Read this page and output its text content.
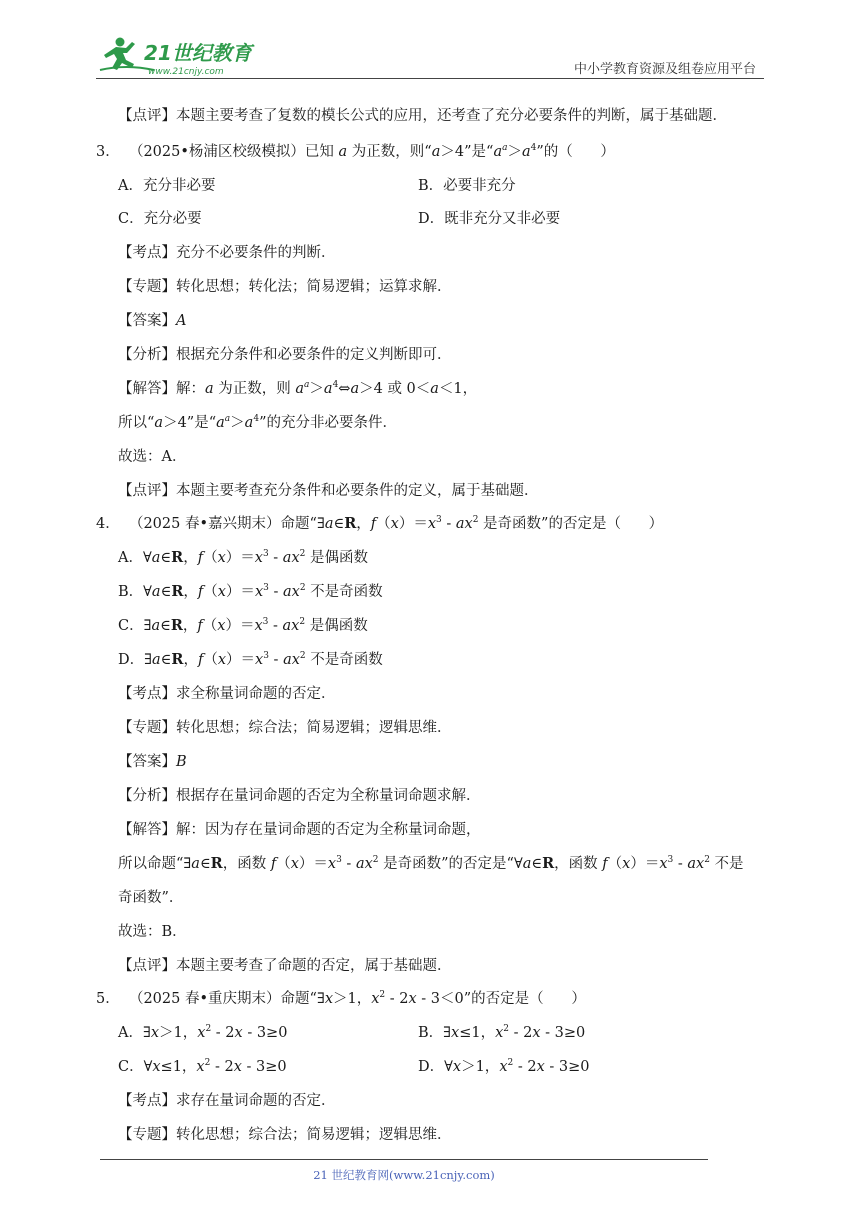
21世纪教育
www.21cnjy.com	中小学教育资源及组卷应用平台
【点评】本题主要考查了复数的模长公式的应用，还考查了充分必要条件的判断，属于基础题．
3． （2025•杨浦区校级模拟）已知 a 为正数，则“a＞4”是“$a^a>a^4$”的（      ）
A．充分非必要	B．必要非充分
C．充分必要	D．既非充分又非必要
【考点】充分不必要条件的判断．
【专题】转化思想；转化法；简易逻辑；运算求解．
【答案】A
【分析】根据充分条件和必要条件的定义判断即可．
【解答】解：a 为正数，则 $a^a>a^4\Leftrightarrow a>4$ 或 0＜a＜1，
所以“a＞4”是“$a^a>a^4$”的充分非必要条件．
故选：A．
【点评】本题主要考查充分条件和必要条件的定义，属于基础题．
4． （2025 春•嘉兴期末）命题“∃a∈R，$f(x)=x^3 - ax^2$ 是奇函数”的否定是（      ）
A．∀a∈R，$f(x)=x^3 - ax^2$ 是偶函数
B．∀a∈R，$f(x)=x^3 - ax^2$ 不是奇函数
C．∃a∈R，$f(x)=x^3 - ax^2$ 是偶函数
D．∃a∈R，$f(x)=x^3 - ax^2$ 不是奇函数
【考点】求全称量词命题的否定．
【专题】转化思想；综合法；简易逻辑；逻辑思维．
【答案】B
【分析】根据存在量词命题的否定为全称量词命题求解．
【解答】解：因为存在量词命题的否定为全称量词命题，
所以命题“∃a∈R，函数 $f(x)=x^3 - ax^2$ 是奇函数”的否定是“∀a∈R，函数 $f(x)=x^3 - ax^2$ 不是
奇函数”．
故选：B．
【点评】本题主要考查了命题的否定，属于基础题．
5． （2025 春•重庆期末）命题“∃x＞1，$x^2 - 2x - 3<0$”的否定是（      ）
A．∃x＞1，$x^2 - 2x - 3\ge 0$	B．∃x≤1，$x^2 - 2x - 3\ge 0$
C．∀x≤1，$x^2 - 2x - 3\ge 0$	D．∀x＞1，$x^2 - 2x - 3\ge 0$
【考点】求存在量词命题的否定．
【专题】转化思想；综合法；简易逻辑；逻辑思维．
21 世纪教育网(www.21cnjy.com)
